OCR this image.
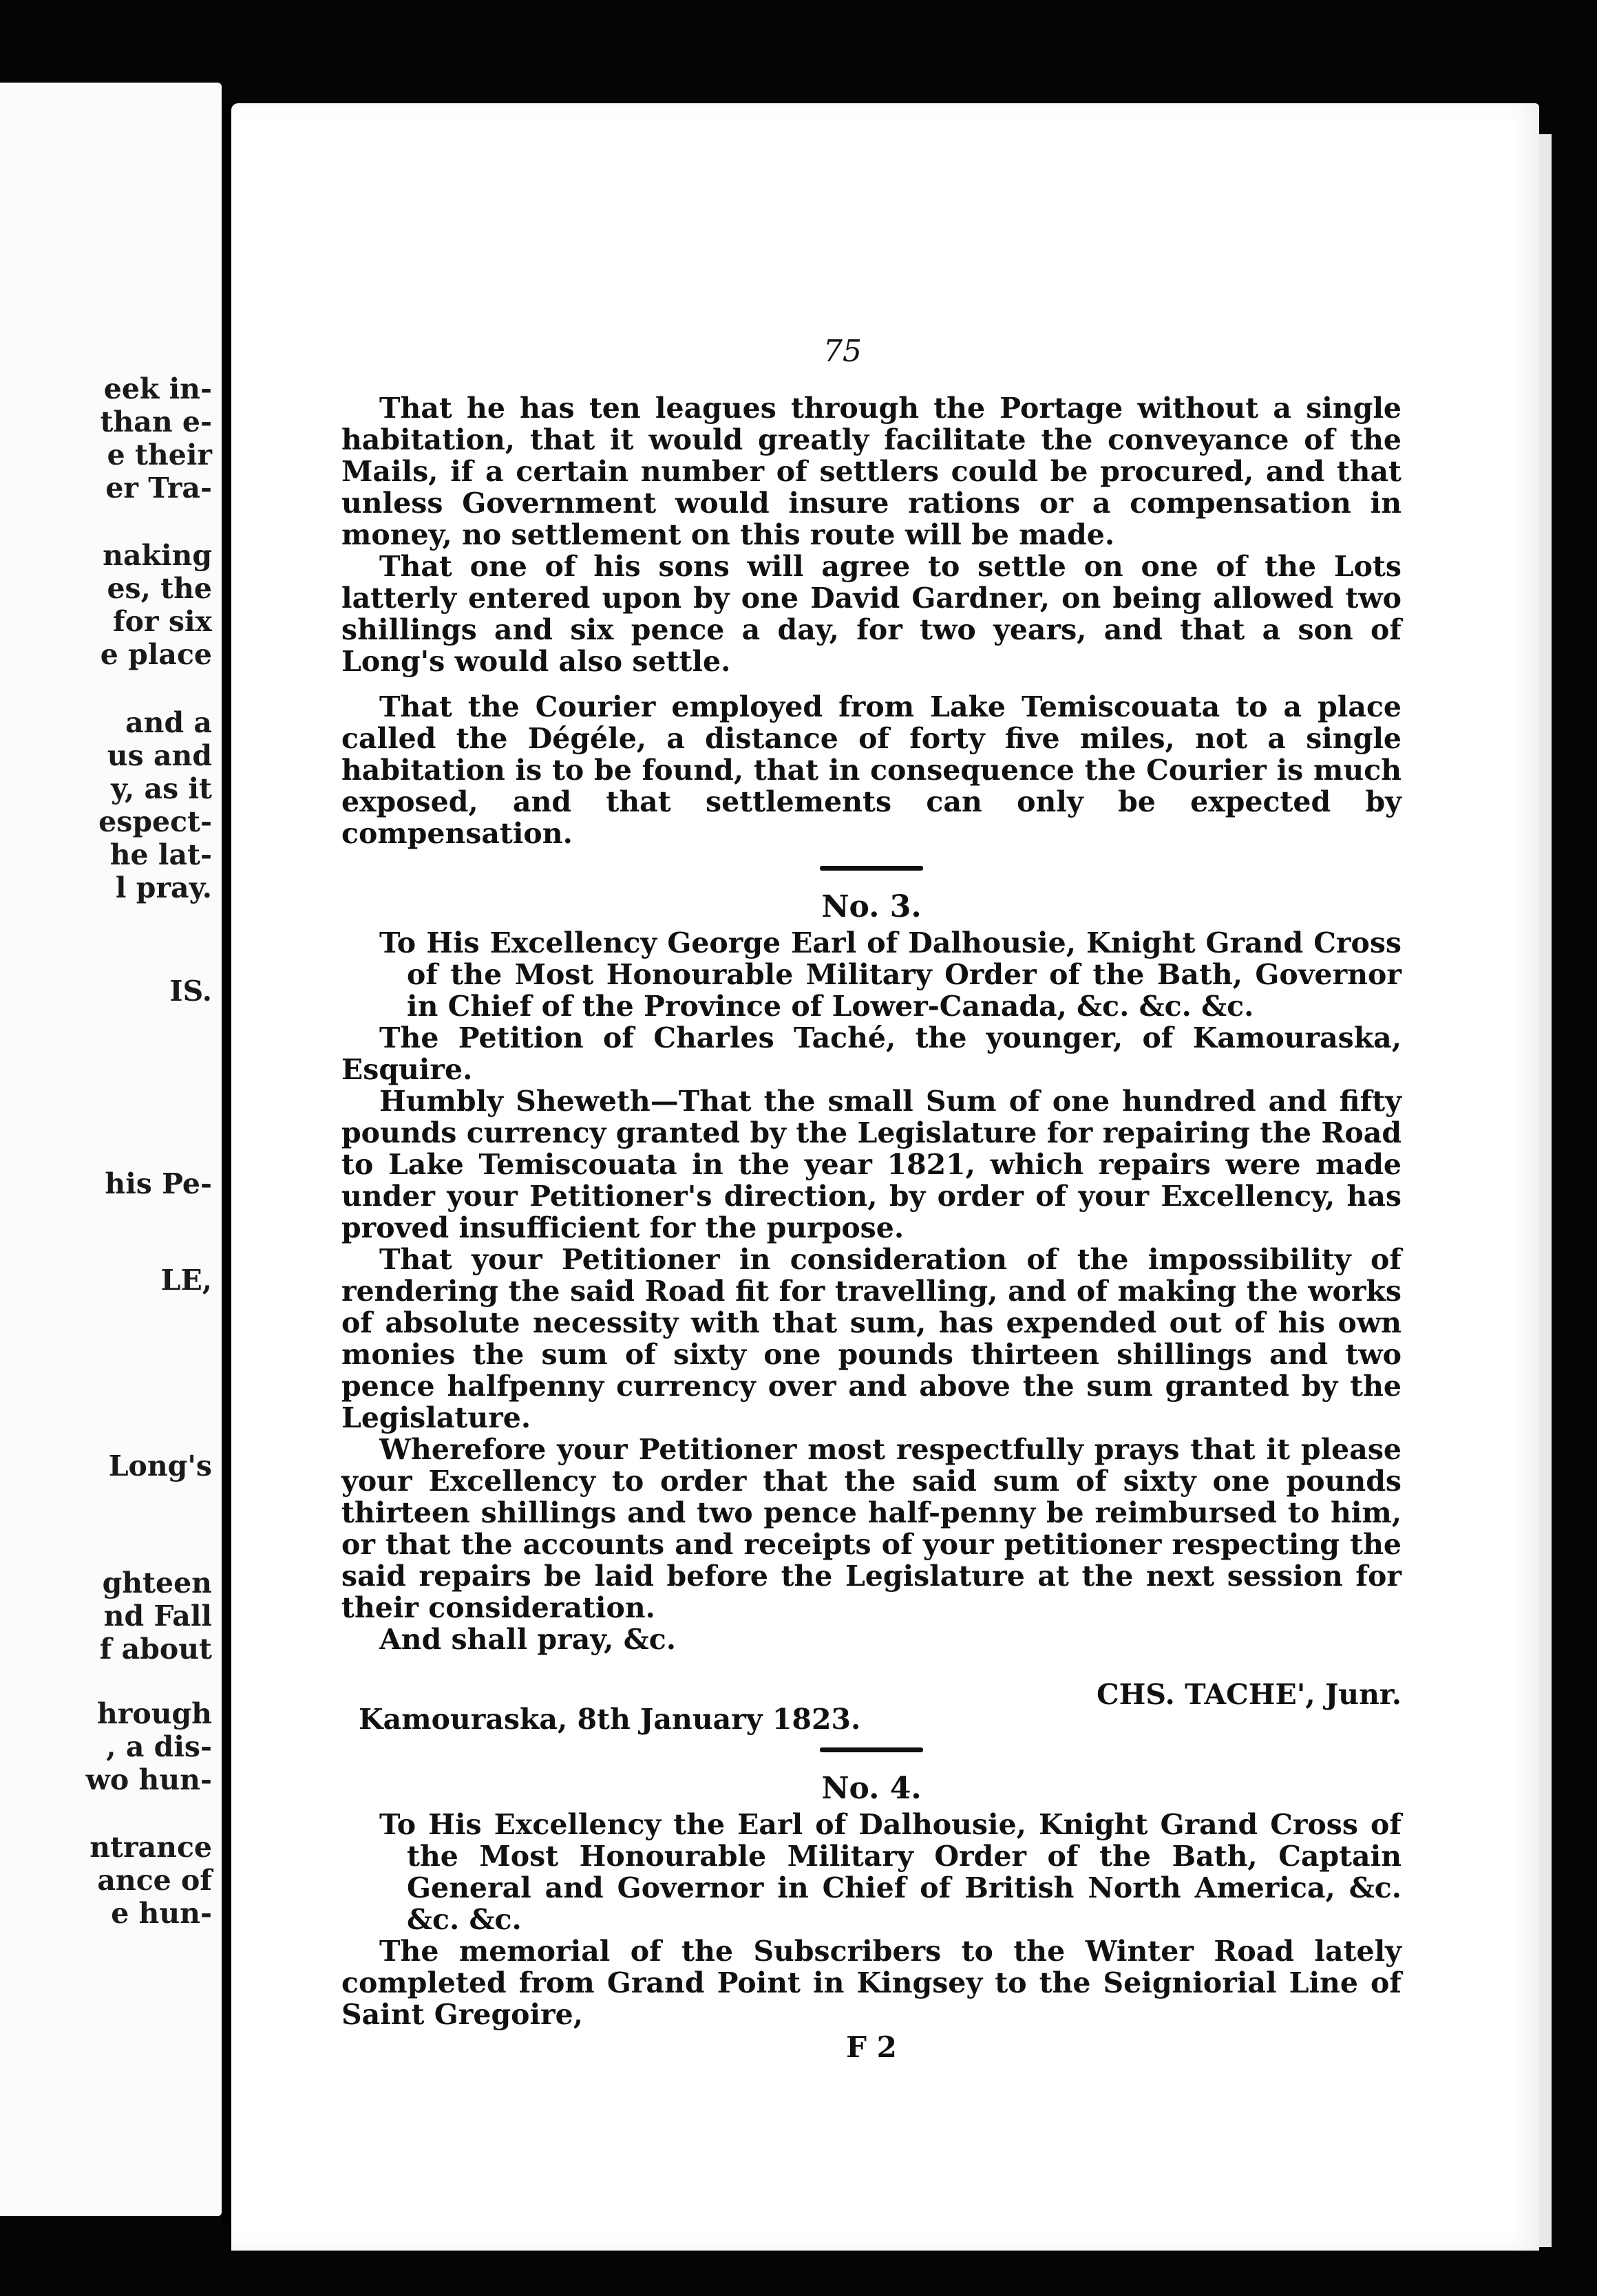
eek in-
than e-
e their
er Tra-
naking
es, the
for six
e place
and a
us and
y, as it
espect-
he lat-
l pray.
IS.
his Pe-
LE,
Long's
ghteen
nd Fall
f about
hrough
, a dis-
wo hun-
ntrance
ance of
e hun-
75

That he has ten leagues through the Portage without a single habitation, that it would greatly facilitate the conveyance of the Mails, if a certain number of settlers could be procured, and that unless Government would insure rations or a compensation in money, no settlement on this route will be made.

That one of his sons will agree to settle on one of the Lots latterly entered upon by one David Gardner, on being allowed two shillings and six pence a day, for two years, and that a son of Long's would also settle.

That the Courier employed from Lake Temiscouata to a place called the Dégéle, a distance of forty five miles, not a single habitation is to be found, that in consequence the Courier is much exposed, and that settlements can only be expected by compensation.

No. 3.

To His Excellency George Earl of Dalhousie, Knight Grand Cross of the Most Honourable Military Order of the Bath, Governor in Chief of the Province of Lower-Canada, &c. &c. &c.

The Petition of Charles Taché, the younger, of Kamouraska, Esquire.

Humbly Sheweth—That the small Sum of one hundred and fifty pounds currency granted by the Legislature for repairing the Road to Lake Temiscouata in the year 1821, which repairs were made under your Petitioner's direction, by order of your Excellency, has proved insufficient for the purpose.

That your Petitioner in consideration of the impossibility of rendering the said Road fit for travelling, and of making the works of absolute necessity with that sum, has expended out of his own monies the sum of sixty one pounds thirteen shillings and two pence halfpenny currency over and above the sum granted by the Legislature.

Wherefore your Petitioner most respectfully prays that it please your Excellency to order that the said sum of sixty one pounds thirteen shillings and two pence half-penny be reimbursed to him, or that the accounts and receipts of your petitioner respecting the said repairs be laid before the Legislature at the next session for their consideration.

And shall pray, &c.

Kamouraska, 8th January 1823.
CHS. TACHE', Junr.
No. 4.

To His Excellency the Earl of Dalhousie, Knight Grand Cross of the Most Honourable Military Order of the Bath, Captain General and Governor in Chief of British North America, &c. &c. &c.

The memorial of the Subscribers to the Winter Road lately completed from Grand Point in Kingsey to the Seigniorial Line of Saint Gregoire,

F 2
